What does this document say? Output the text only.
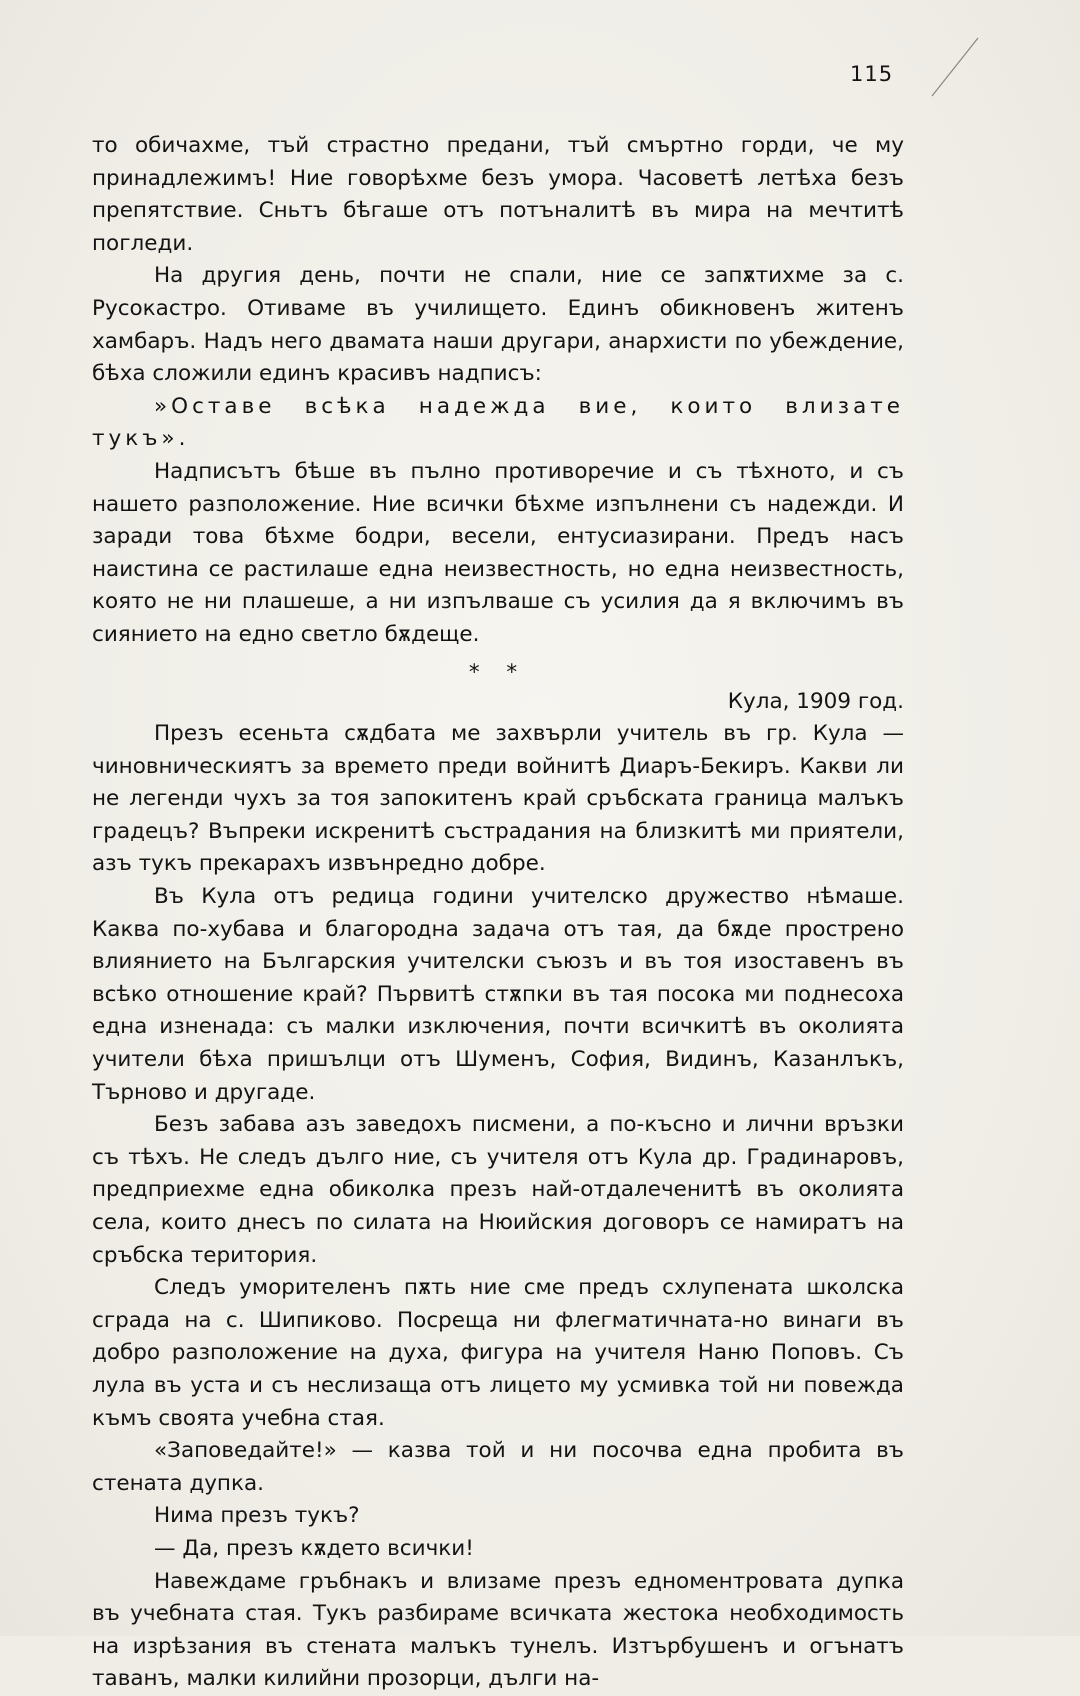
115

то обичахме, тъй страстно предани, тъй смъртно горди, че му принадлежимъ! Ние говорѣхме безъ умора. Часоветѣ летѣха безъ препятствие. Сньтъ бѣгаше отъ потъналитѣ въ мира на мечтитѣ погледи.

На другия день, почти не спали, ние се запѫтихме за с. Русокастро. Отиваме въ училището. Единъ обикновенъ житенъ хамбаръ. Надъ него двамата наши другари, анархисти по убеждение, бѣха сложили единъ красивъ надписъ:

»Оставе всѣка надежда вие, които влизате тукъ».

Надписътъ бѣше въ пълно противоречие и съ тѣхното, и съ нашето разположение. Ние всички бѣхме изпълнени съ надежди. И заради това бѣхме бодри, весели, ентусиазирани. Предъ насъ наистина се растилаше една неизвестность, но една неизвестность, която не ни плашеше, а ни изпълваше съ усилия да я включимъ въ сиянието на едно светло бѫдеще.

* *

Кула, 1909 год.

Презъ есеньта сѫдбата ме захвърли учитель въ гр. Кула — чиновническиятъ за времето преди войнитѣ Диаръ-Бекиръ. Какви ли не легенди чухъ за тоя запокитенъ край сръбската граница малъкъ градецъ? Въпреки искренитѣ състрадания на близкитѣ ми приятели, азъ тукъ прекарахъ извънредно добре.

Въ Кула отъ редица години учителско дружество нѣмаше. Каква по-хубава и благородна задача отъ тая, да бѫде простренo влиянието на Българския учителски съюзъ и въ тоя изоставенъ въ всѣко отношение край? Първитѣ стѫпки въ тая посока ми поднесоха една изненада: съ малки изключения, почти всичкитѣ въ околията учители бѣха пришълци отъ Шуменъ, София, Видинъ, Казанлъкъ, Търново и другаде.

Безъ забава азъ заведохъ писмени, а по-късно и лични връзки съ тѣхъ. Не следъ дълго ние, съ учителя отъ Кула др. Градинаровъ, предприехме една обиколка презъ най-отдалеченитѣ въ околията села, които днесъ по силата на Нюийския договоръ се намиратъ на сръбска територия.

Следъ уморителенъ пѫть ние сме предъ схлупената школска сграда на с. Шипиково. Посреща ни флегматичната-но винаги въ добро разположение на духа, фигура на учителя Наню Поповъ. Съ лула въ уста и съ неслизаща отъ лицето му усмивка той ни повежда къмъ своята учебна стая.

«Заповедайте!» — казва той и ни посочва една пробита въ стената дупка.

Нима презъ тукъ?

— Да, презъ кѫдето всички!

Навеждаме гръбнакъ и влизаме презъ едноментровата дупка въ учебната стая. Тукъ разбираме всичката жестока необходимость на изрѣзания въ стената малъкъ тунелъ. Изтърбушенъ и огънатъ таванъ, малки килийни прозорци, дълги на-
